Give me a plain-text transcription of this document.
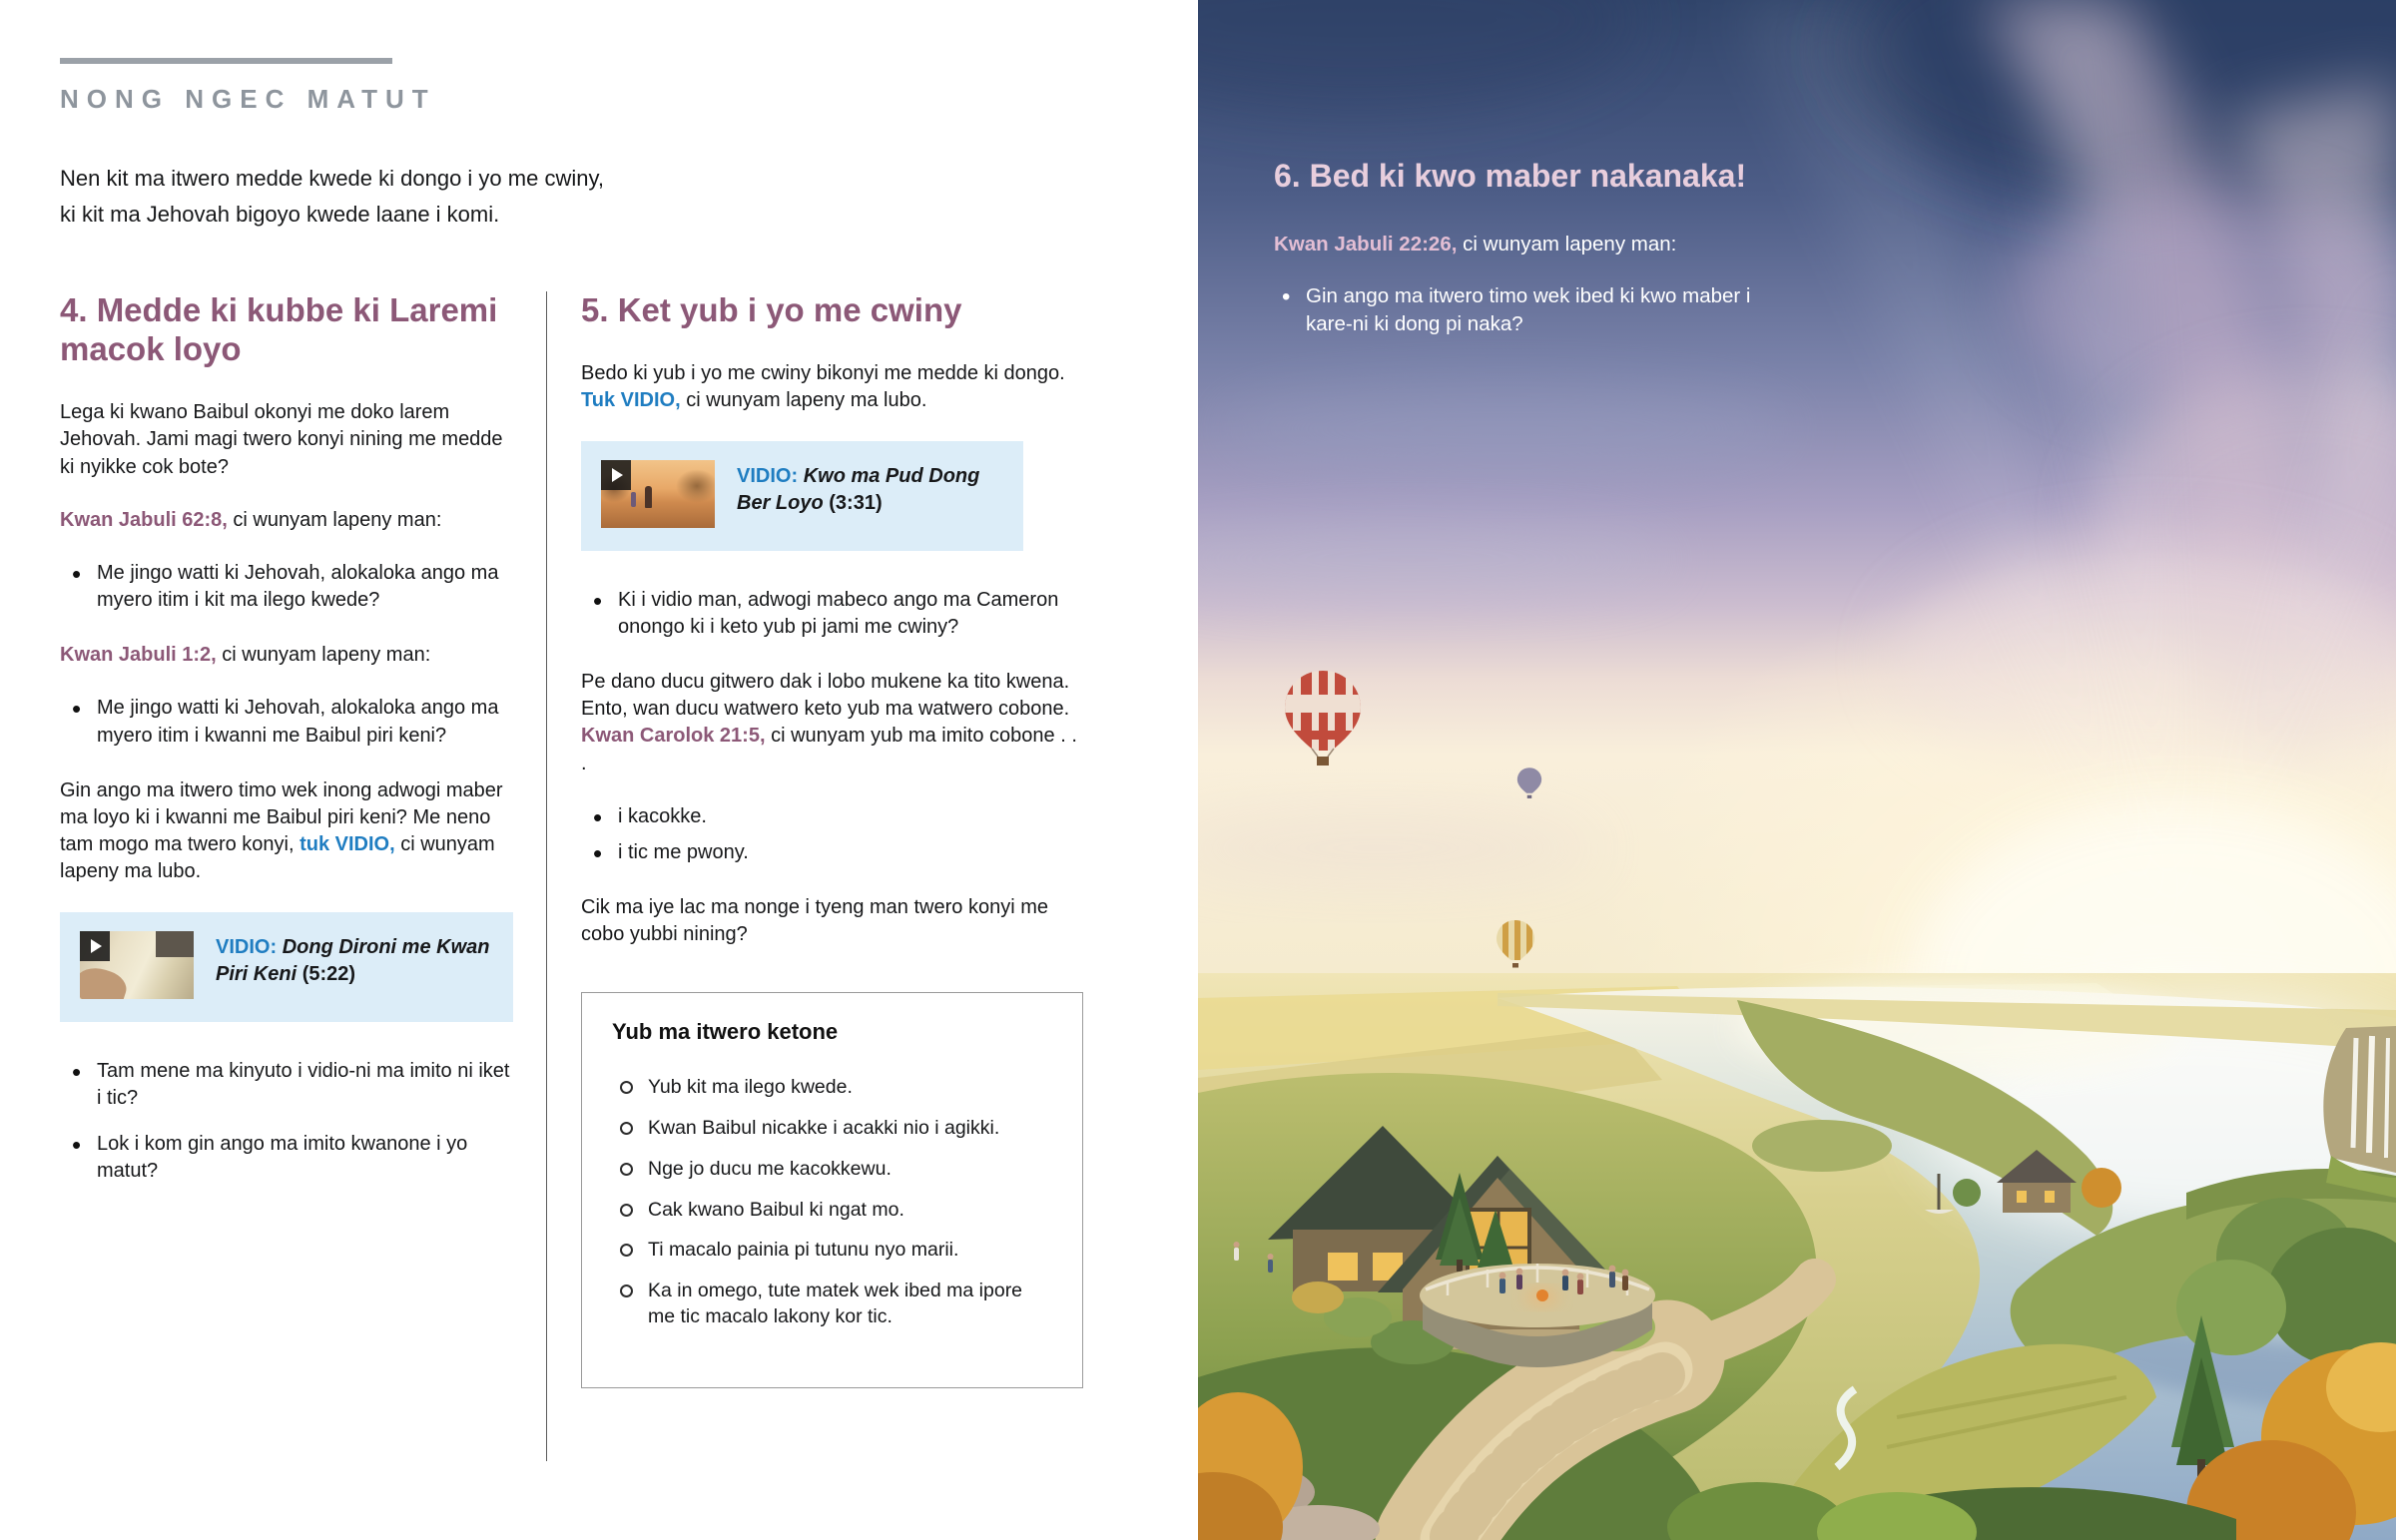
NONG NGEC MATUT
Nen kit ma itwero medde kwede ki dongo i yo me cwiny,
ki kit ma Jehovah bigoyo kwede laane i komi.
4. Medde ki kubbe ki Laremi macok loyo

Lega ki kwano Baibul okonyi me doko larem Jehovah. Jami magi twero konyi nining me medde ki nyikke cok bote?

Kwan Jabuli 62:8, ci wunyam lapeny man:

• Me jingo watti ki Jehovah, alokaloka ango ma myero itim i kit ma ilego kwede?

Kwan Jabuli 1:2, ci wunyam lapeny man:

• Me jingo watti ki Jehovah, alokaloka ango ma myero itim i kwanni me Baibul piri keni?

Gin ango ma itwero timo wek inong adwogi maber ma loyo ki i kwanni me Baibul piri keni? Me neno tam mogo ma twero konyi, tuk VIDIO, ci wunyam lapeny ma lubo.

VIDIO: Dong Dironi me Kwan Piri Keni (5:22)
• Tam mene ma kinyuto i vidio-ni ma imito ni iket i tic?
• Lok i kom gin ango ma imito kwanone i yo matut?
5. Ket yub i yo me cwiny

Bedo ki yub i yo me cwiny bikonyi me medde ki dongo. Tuk VIDIO, ci wunyam lapeny ma lubo.

VIDIO: Kwo ma Pud Dong Ber Loyo (3:31)
• Ki i vidio man, adwogi mabeco ango ma Cameron onongo ki i keto yub pi jami me cwiny?

Pe dano ducu gitwero dak i lobo mukene ka tito kwena. Ento, wan ducu watwero keto yub ma watwero cobone. Kwan Carolok 21:5, ci wunyam yub ma imito cobone . . .

• i kacokke.
• i tic me pwony.

Cik ma iye lac ma nonge i tyeng man twero konyi me cobo yubbi nining?

Yub ma itwero ketone
Yub kit ma ilego kwede.
Kwan Baibul nicakke i acakki nio i agikki.
Nge jo ducu me kacokkewu.
Cak kwano Baibul ki ngat mo.
Ti macalo painia pi tutunu nyo marii.
Ka in omego, tute matek wek ibed ma ipore me tic macalo lakony kor tic.
6. Bed ki kwo maber nakanaka!
Kwan Jabuli 22:26, ci wunyam lapeny man:
• Gin ango ma itwero timo wek ibed ki kwo maber i kare-ni ki dong pi naka?
